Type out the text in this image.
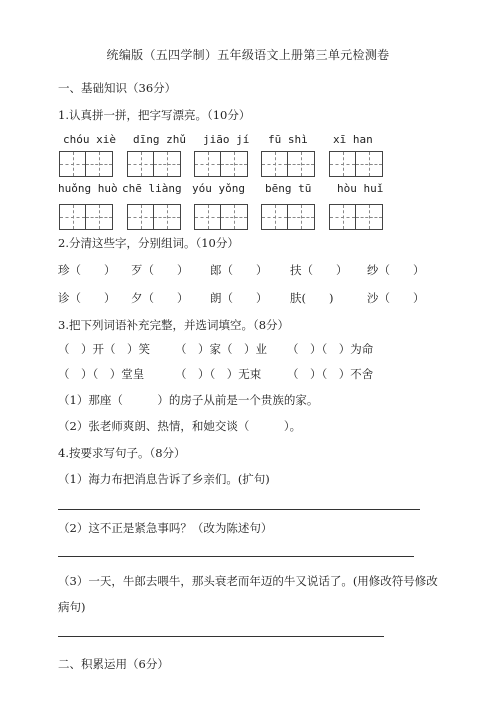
统编版（五四学制）五年级语文上册第三单元检测卷
一、基础知识（36分）
1.认真拼一拼，把字写漂亮。（10分）
chóu xiè dīng zhǔ jiāo jí fū shì xī han
huǒng huò chē liàng yóu yǒng bēng tū hòu huǐ
2.分清这些字，分别组词。（10分）
珍（　　） 歹（　　） 郎（　　） 扶（　　） 纱（　　）
诊（　　） 夕（　　） 朗（　　） 肤(　　)	沙（　　）
3.把下列词语补充完整，并选词填空。（8分）
（　）开（　）笑 （　）家（　）业 （　）（　）为命
（　）（　）堂皇	（　）（　）无束 （　）（　）不舍
（1）那座（　　　）的房子从前是一个贵族的家。
（2）张老师爽朗、热情，和她交谈（　　　）。
4.按要求写句子。（8分）
（1）海力布把消息告诉了乡亲们。(扩句)
（2）这不正是紧急事吗？（改为陈述句）
（3）一天，牛郎去喂牛，那头衰老而年迈的牛又说话了。(用修改符号修改
病句)
二、积累运用（6分）
